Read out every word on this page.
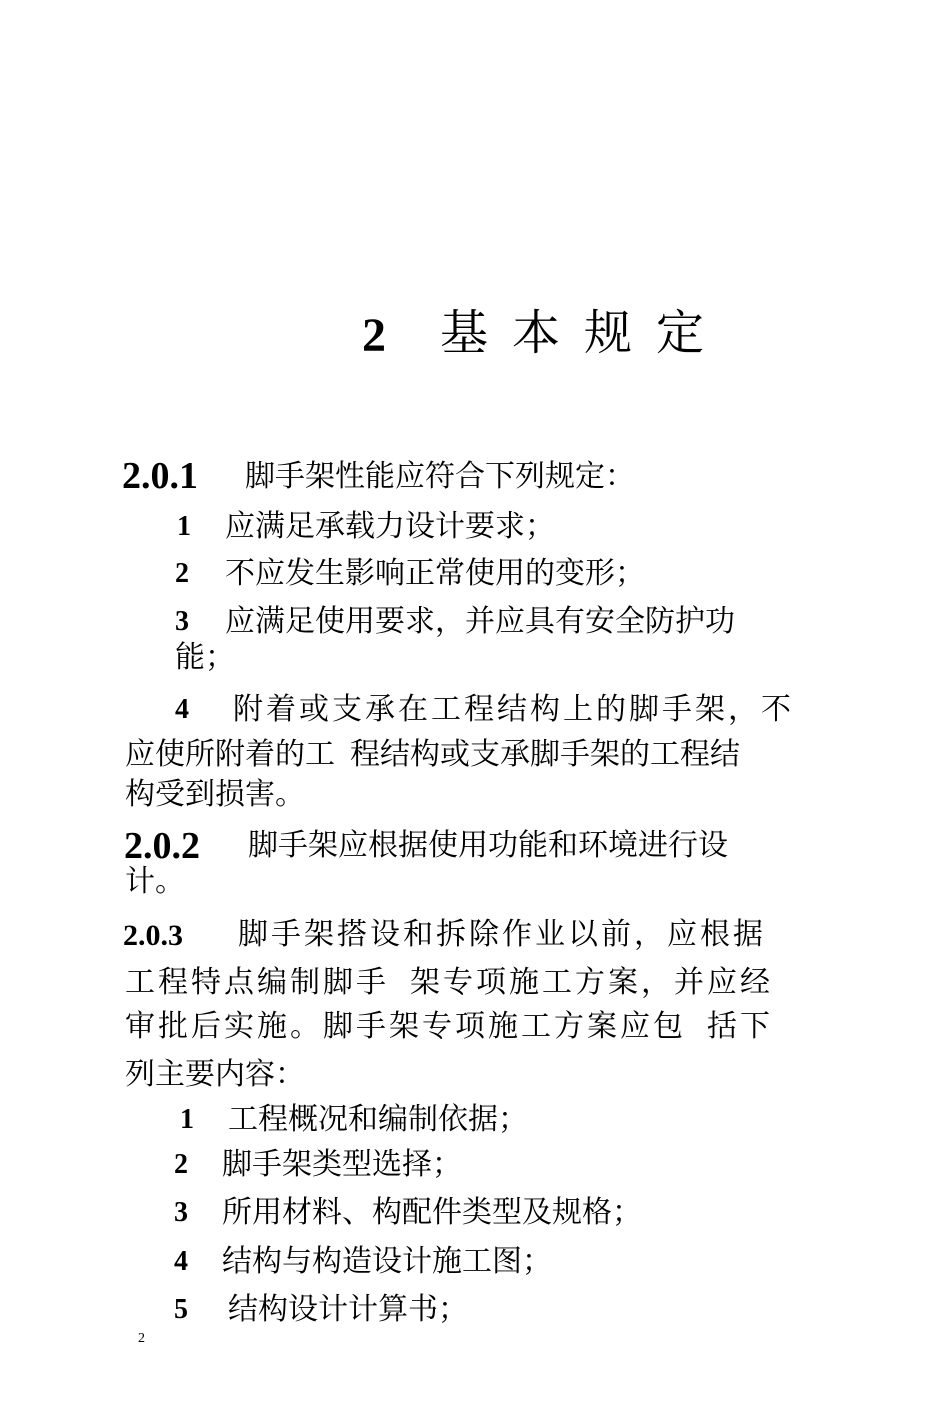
2 基 本 规 定
2.0.1 脚手架性能应符合下列规定：
1 应满足承载力设计要求；
2 不应发生影响正常使用的变形；
3 应满足使用要求，并应具有安全防护功
能；
4 附着或支承在工程结构上的脚手架，不
应使所附着的工  程结构或支承脚手架的工程结
构受到损害。
2.0.2 脚手架应根据使用功能和环境进行设
计。
2.0.3 脚手架搭设和拆除作业以前，应根据
工程特点编制脚手  架专项施工方案，并应经
审批后实施。脚手架专项施工方案应包  括下
列主要内容：
1 工程概况和编制依据；
2 脚手架类型选择；
3 所用材料、构配件类型及规格；
4 结构与构造设计施工图；
5 结构设计计算书；
2
